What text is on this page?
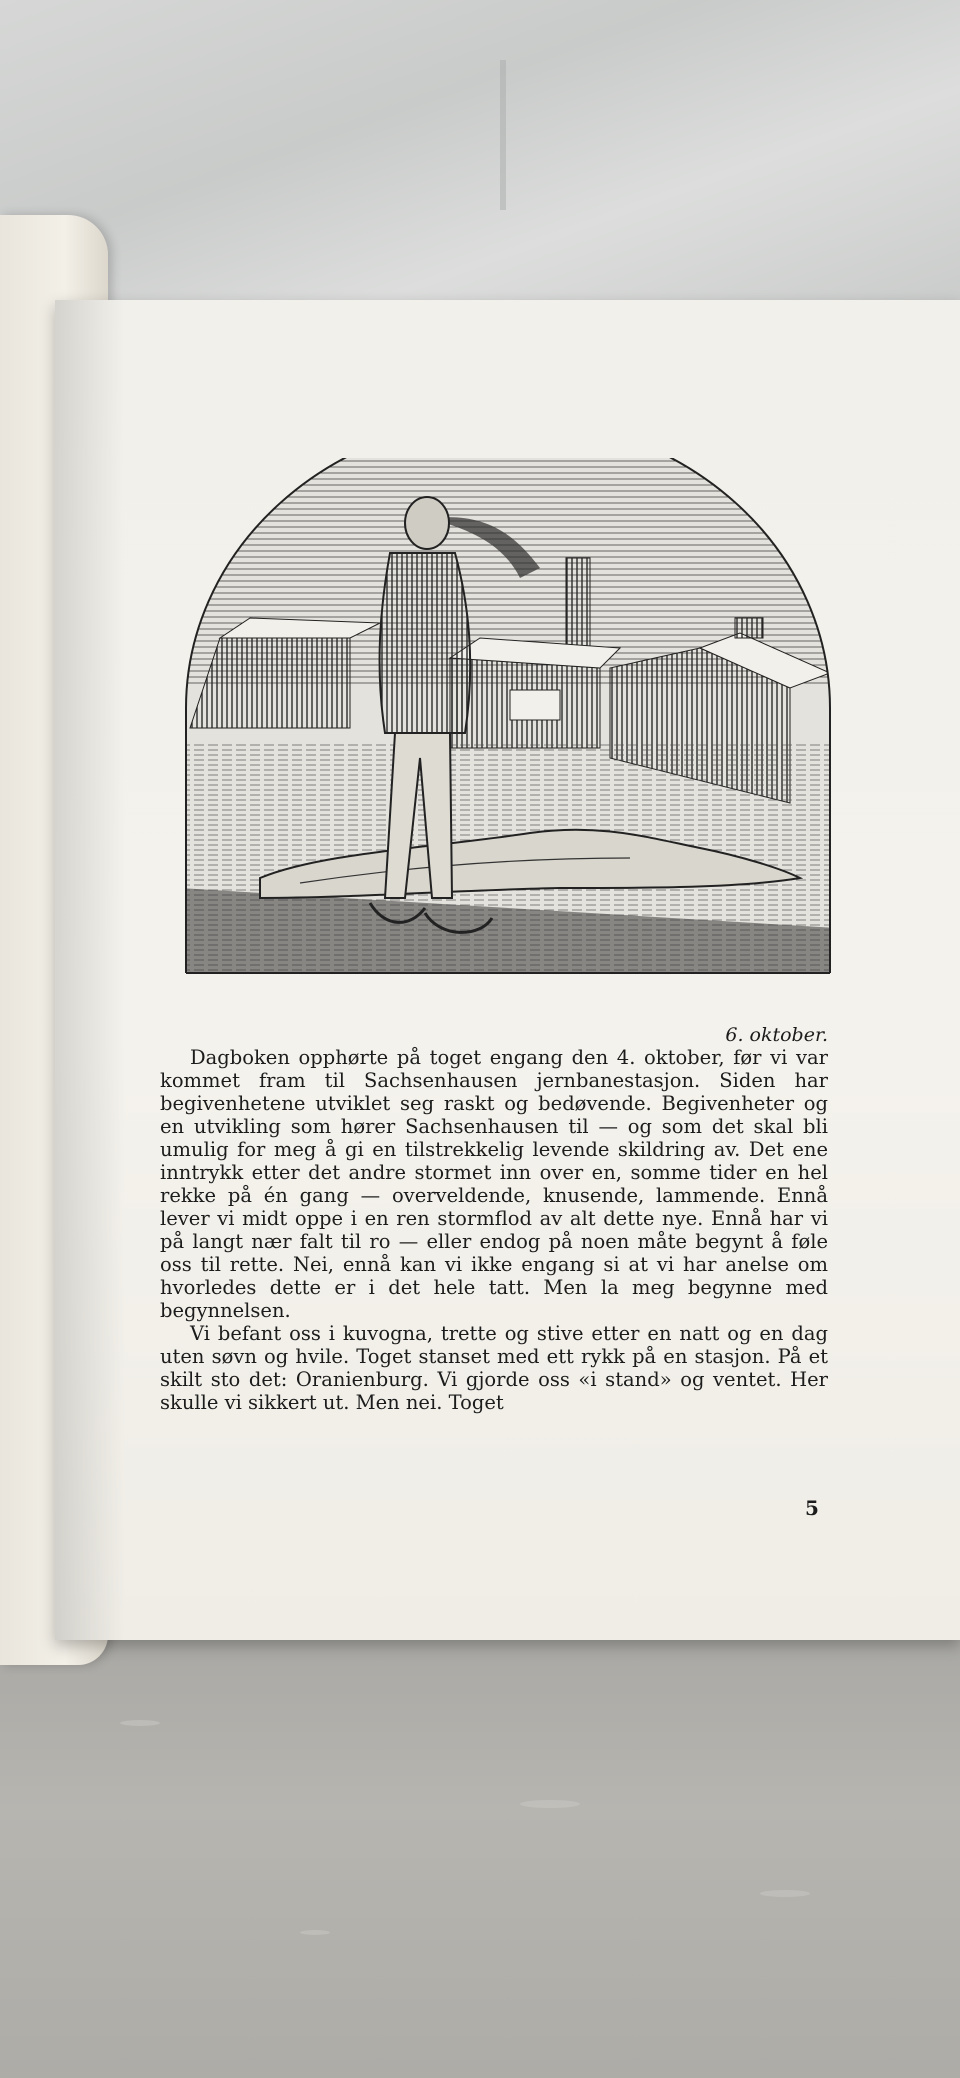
6. oktober.

Dagboken opphørte på toget engang den 4. oktober, før vi var kommet fram til Sachsenhausen jernbanestasjon. Siden har begivenhetene utviklet seg raskt og bedøvende. Begivenheter og en utvikling som hører Sachsenhausen til — og som det skal bli umulig for meg å gi en tilstrekkelig levende skildring av. Det ene inntrykk etter det andre stormet inn over en, somme tider en hel rekke på én gang — overveldende, knusende, lammende. Ennå lever vi midt oppe i en ren stormflod av alt dette nye. Ennå har vi på langt nær falt til ro — eller endog på noen måte begynt å føle oss til rette. Nei, ennå kan vi ikke engang si at vi har anelse om hvorledes dette er i det hele tatt. Men la meg begynne med begynnelsen.

Vi befant oss i kuvogna, trette og stive etter en natt og en dag uten søvn og hvile. Toget stanset med ett rykk på en stasjon. På et skilt sto det: Oranienburg. Vi gjorde oss «i stand» og ventet. Her skulle vi sikkert ut. Men nei. Toget

5
